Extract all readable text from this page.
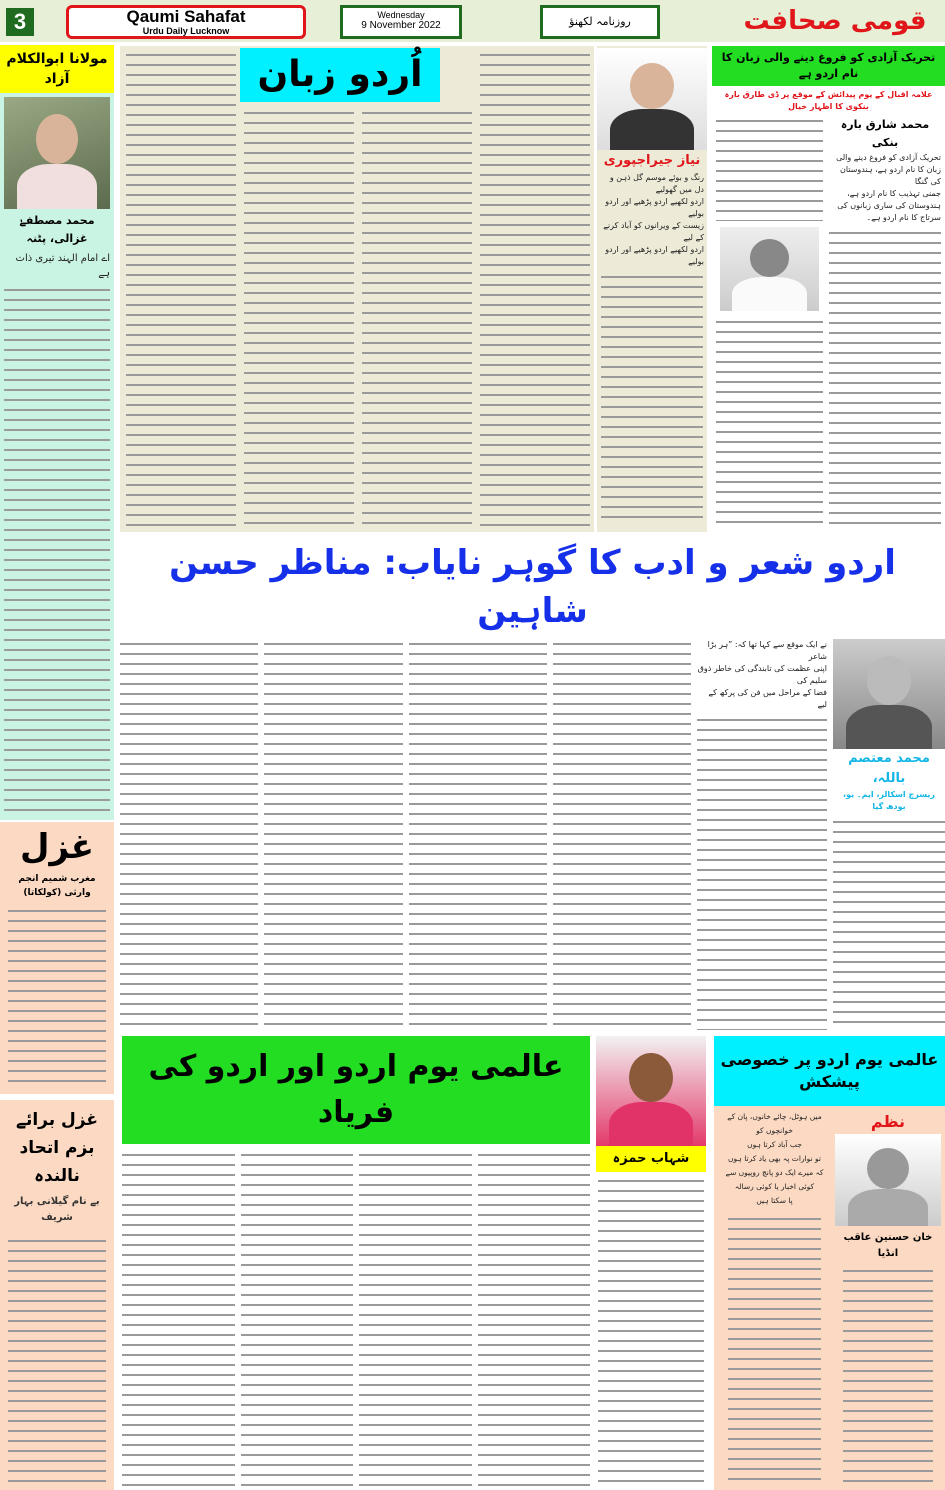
3	Qaumi Sahafat
Urdu Daily Lucknow
Wednesday
9 November 2022	روزنامہ لکھنؤ	قومی صحافت
مولانا ابوالکلام آزاد
محمد مصطفےٰ غزالی، پٹنہ
اے امام الہند تیری ذات ہے
غزل
مغرب شمیم انجم وارثی (کولکاتا)
غزل برائے بزم اتحاد نالندہ
بے نام گیلانی بہار شریف
اُردو زبان
نیاز جیراجپوری
رنگ و بوئے موسم گل ذہن و دل میں گھولیے
اردو لکھیے اردو پڑھیے اور اردو بولیے
زیست کے ویرانوں کو آباد کرنے کے لیے
اردو لکھیے اردو پڑھیے اور اردو بولیے
تحریک آزادی کو فروغ دینے والی زبان کا نام اردو ہے
علامہ اقبال کے یوم پیدائش کے موقع پر ڈی طارق بارہ بنکوی کا اظہار خیال
محمد شارق بارہ بنکی
تحریک آزادی کو فروغ دینے والی زبان کا نام اردو ہے، ہندوستان کی گنگا
جمنی تہذیب کا نام اردو ہے، ہندوستان کی ساری زبانوں کی سرتاج کا نام اردو ہے۔
اردو شعر و ادب کا گوہر نایاب: مناظر حسن شاہین
محمد معتصم باللہ،
ریسرچ اسکالر، ایم۔ یو، بودھ گیا
نے ایک موقع سے کہا تھا کہ: ”ہر بڑا شاعر
اپنی عظمت کی تابندگی کی خاطر ذوق سلیم کی
فضا کے مراحل میں فن کی پرکھ کے لیے
عالمی یوم اردو اور اردو کی فریاد
شہاب حمزہ
عالمی یوم اردو پر خصوصی پیشکش
نظم
خان حسنین عاقب انڈیا
میں ہوٹل، چائے خانوں، پان کے خوانچوں کو
جب آباد کرتا ہوں
تو نوارات پہ بھی یاد کرتا ہوں
کہ میرے ایک دو پانچ روپیوں سے
کوئی اخبار یا کوئی رسالہ
پا سکتا ہیں
